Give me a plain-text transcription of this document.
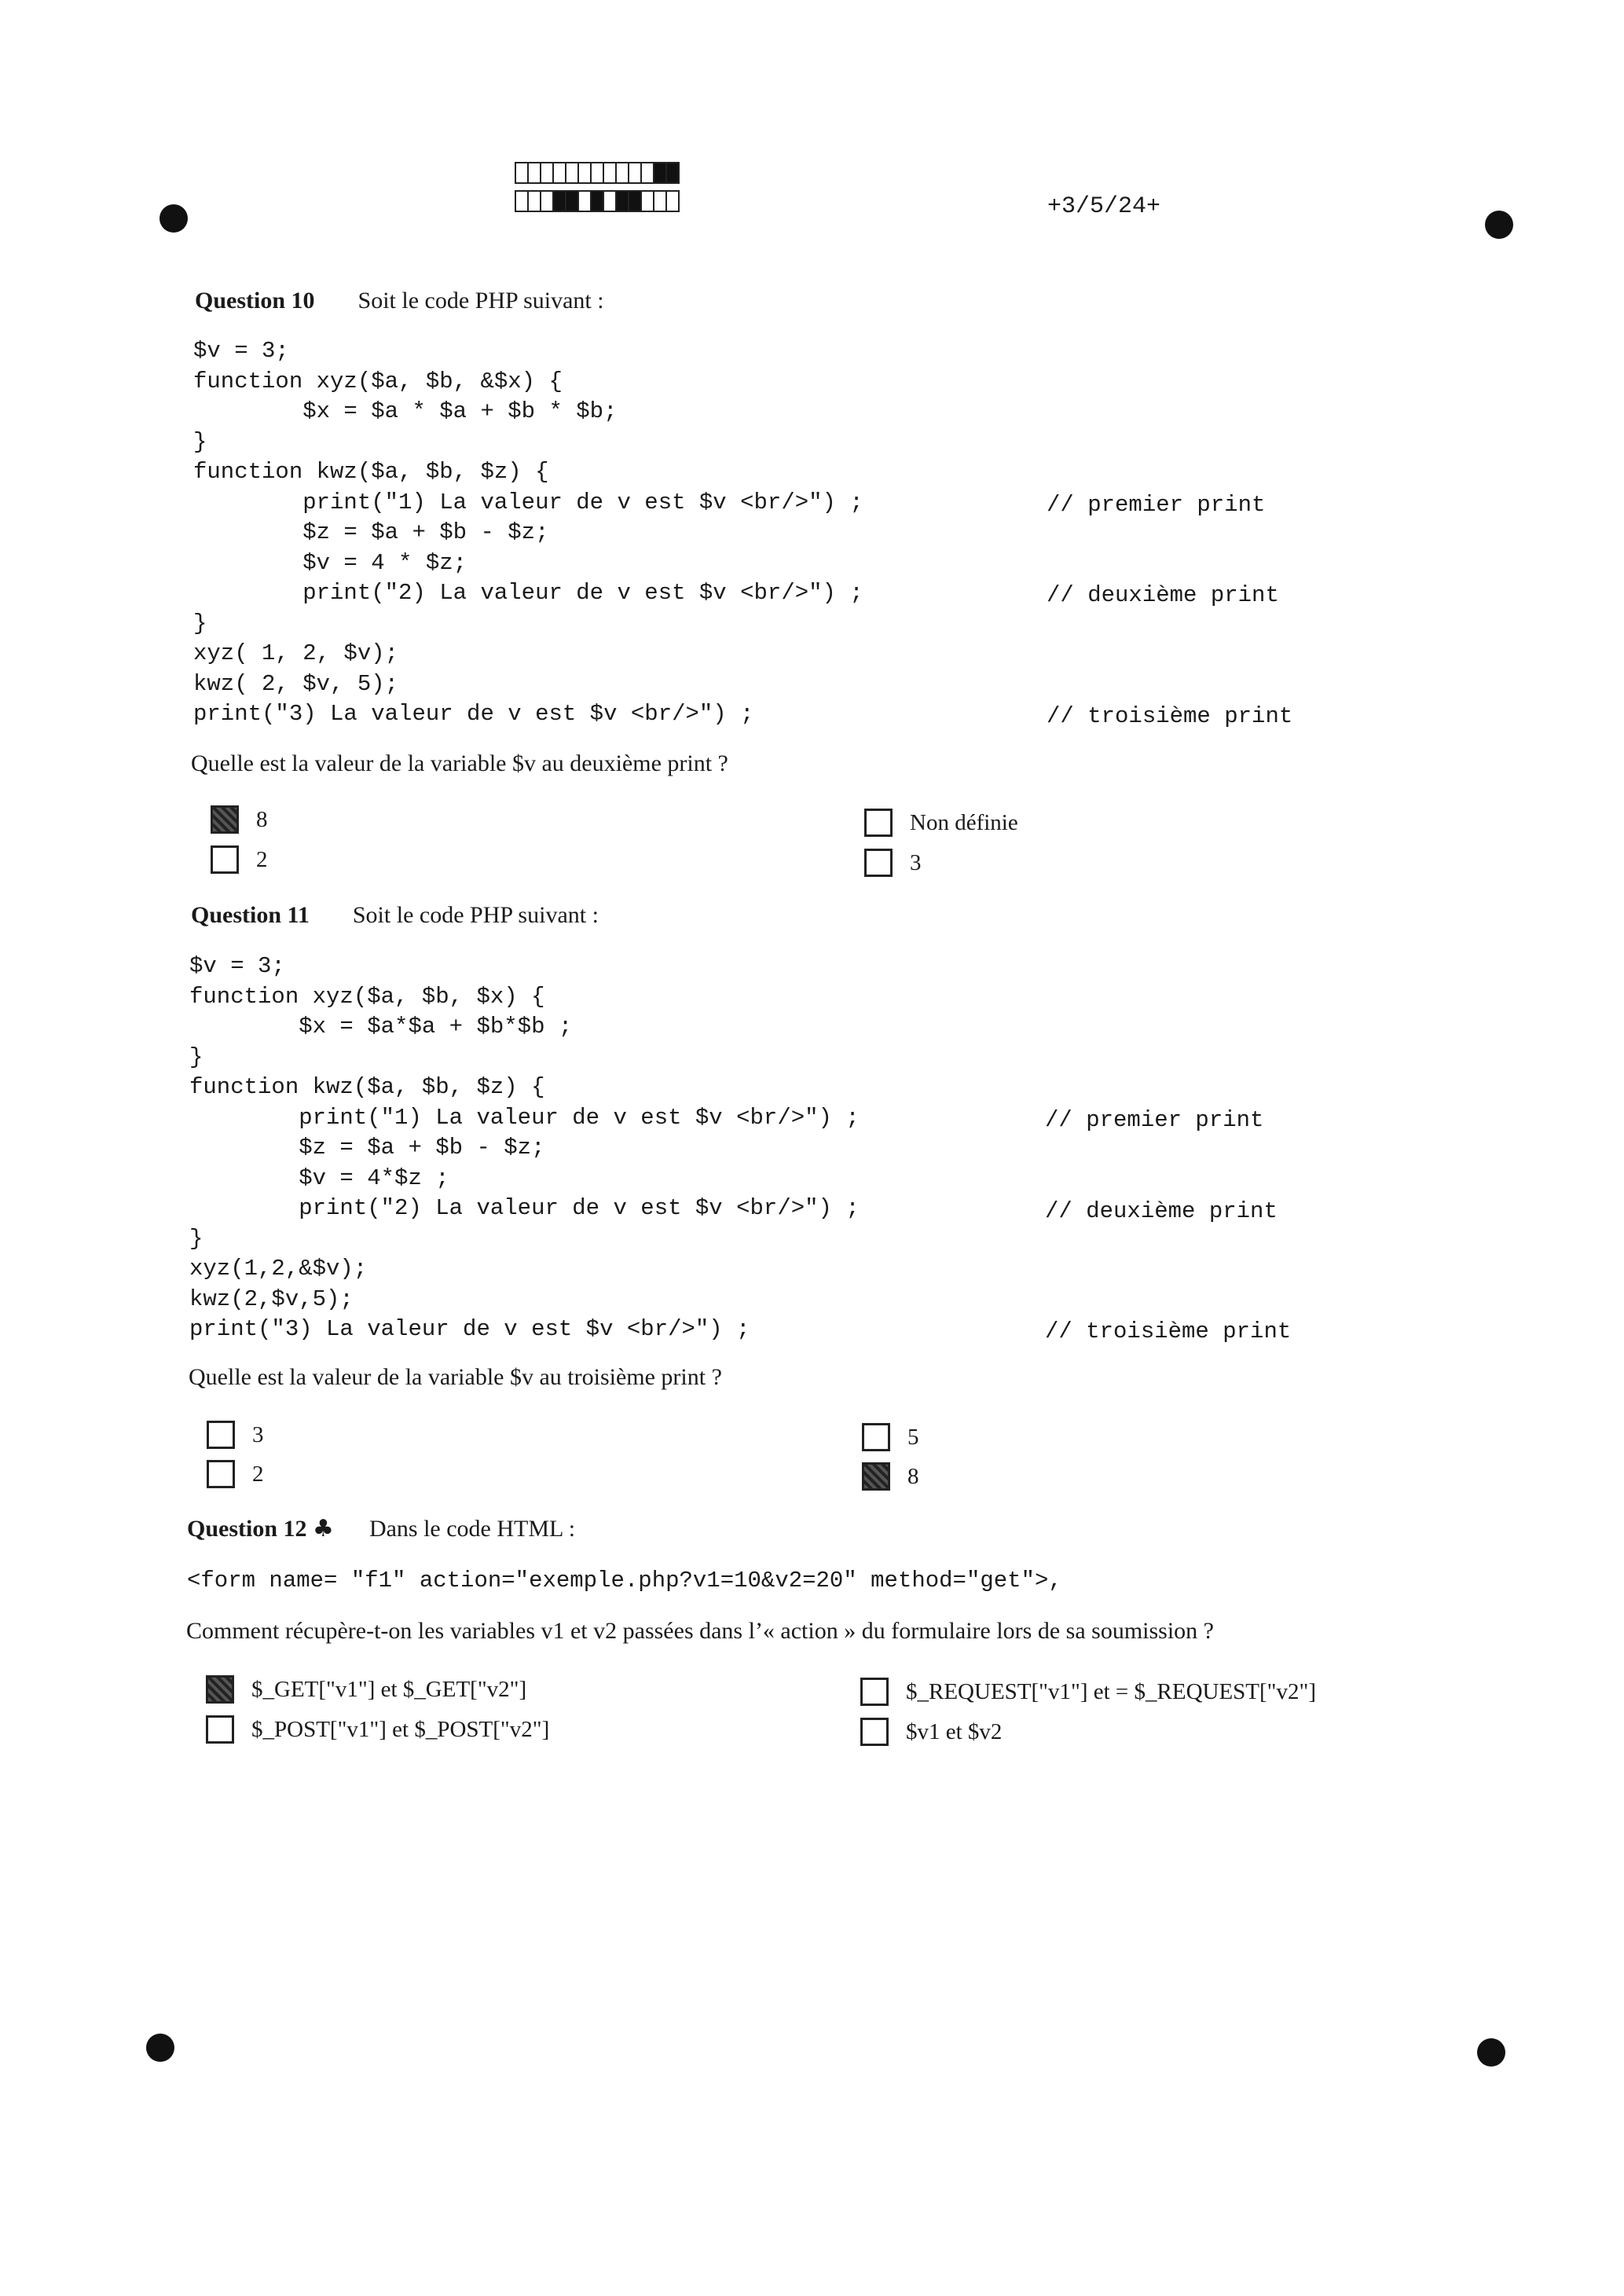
+3/5/24+
Question 10 Soit le code PHP suivant :
$v = 3;
function xyz($a, $b, &$x) {
$x = $a * $a + $b * $b;
}
function kwz($a, $b, $z) {
print("1) La valeur de v est $v <br/>") ;
$z = $a + $b - $z;
$v = 4 * $z;
print("2) La valeur de v est $v <br/>") ;
}
xyz( 1, 2, $v);
kwz( 2, $v, 5);
print("3) La valeur de v est $v <br/>") ;
// premier print
// deuxième print
// troisième print
Quelle est la valeur de la variable $v au deuxième print ?
8
2
Non définie
3
Question 11 Soit le code PHP suivant :
$v = 3;
function xyz($a, $b, $x) {
$x = $a*$a + $b*$b ;
}
function kwz($a, $b, $z) {
print("1) La valeur de v est $v <br/>") ;
$z = $a + $b - $z;
$v = 4*$z ;
print("2) La valeur de v est $v <br/>") ;
}
xyz(1,2,&$v);
kwz(2,$v,5);
print("3) La valeur de v est $v <br/>") ;
// premier print
// deuxième print
// troisième print
Quelle est la valeur de la variable $v au troisième print ?
3
2
5
8
Question 12 ♣ Dans le code HTML :
<form name= "f1" action="exemple.php?v1=10&v2=20" method="get">,
Comment récupère-t-on les variables v1 et v2 passées dans l’« action » du formulaire lors de sa soumission ?
$_GET["v1"] et $_GET["v2"]
$_POST["v1"] et $_POST["v2"]
$_REQUEST["v1"] et = $_REQUEST["v2"]
$v1 et $v2
